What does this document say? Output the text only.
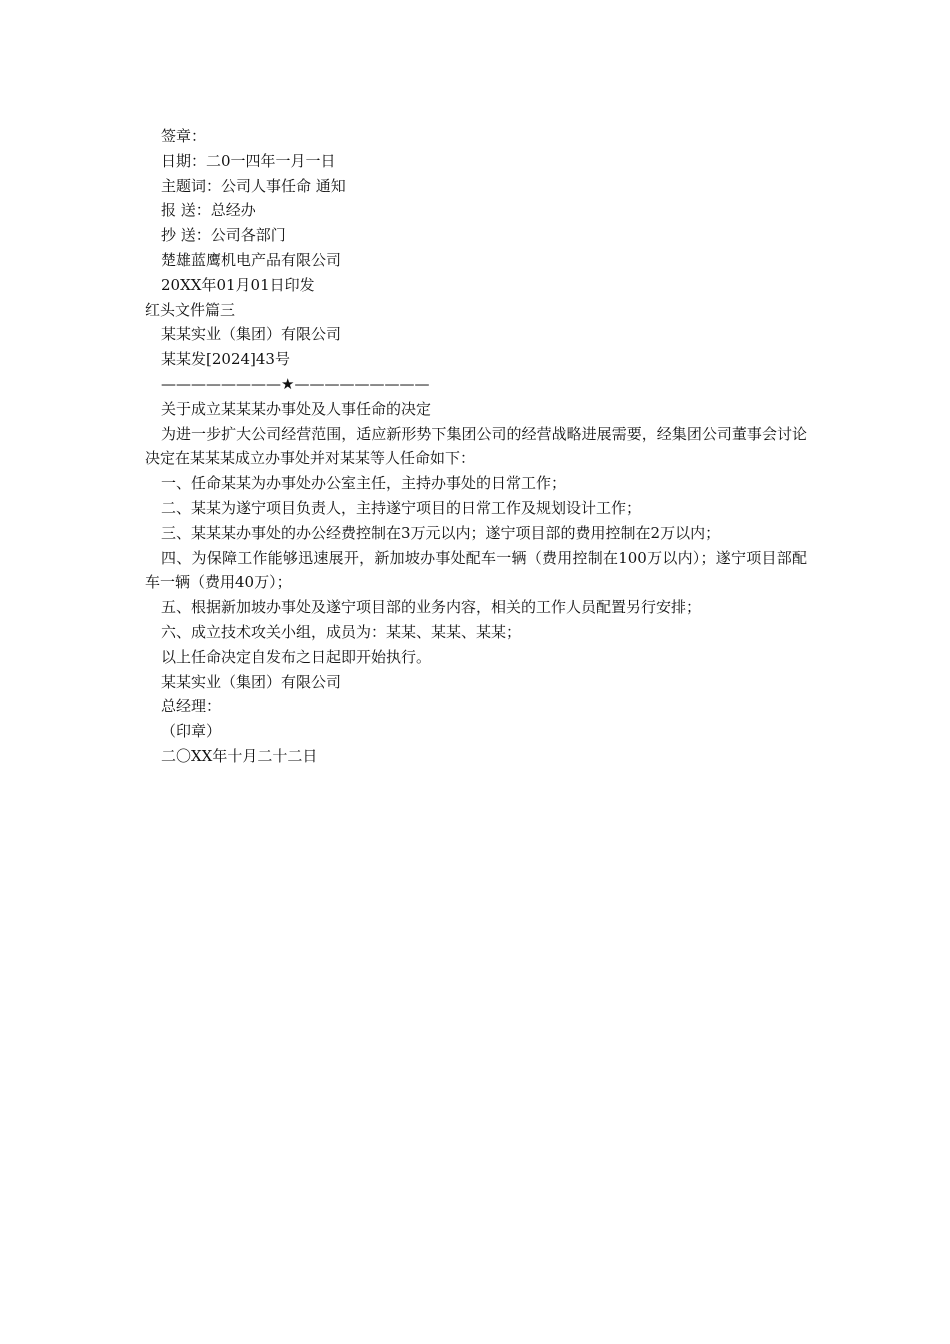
签章：
日期：二0一四年一月一日
主题词：公司人事任命 通知
报 送：总经办
抄 送：公司各部门
楚雄蓝鹰机电产品有限公司
20XX年01月01日印发
红头文件篇三
某某实业（集团）有限公司
某某发[2024]43号
————————★—————————
关于成立某某某办事处及人事任命的决定
为进一步扩大公司经营范围，适应新形势下集团公司的经营战略进展需要，经集团公司董事会讨论决定在某某某成立办事处并对某某等人任命如下：
一、任命某某为办事处办公室主任，主持办事处的日常工作；
二、某某为遂宁项目负责人，主持遂宁项目的日常工作及规划设计工作；
三、某某某办事处的办公经费控制在3万元以内；遂宁项目部的费用控制在2万以内；
四、为保障工作能够迅速展开，新加坡办事处配车一辆（费用控制在100万以内）；遂宁项目部配车一辆（费用40万）；
五、根据新加坡办事处及遂宁项目部的业务内容，相关的工作人员配置另行安排；
六、成立技术攻关小组，成员为：某某、某某、某某；
以上任命决定自发布之日起即开始执行。
某某实业（集团）有限公司
总经理：
（印章）
二〇XX年十月二十二日
